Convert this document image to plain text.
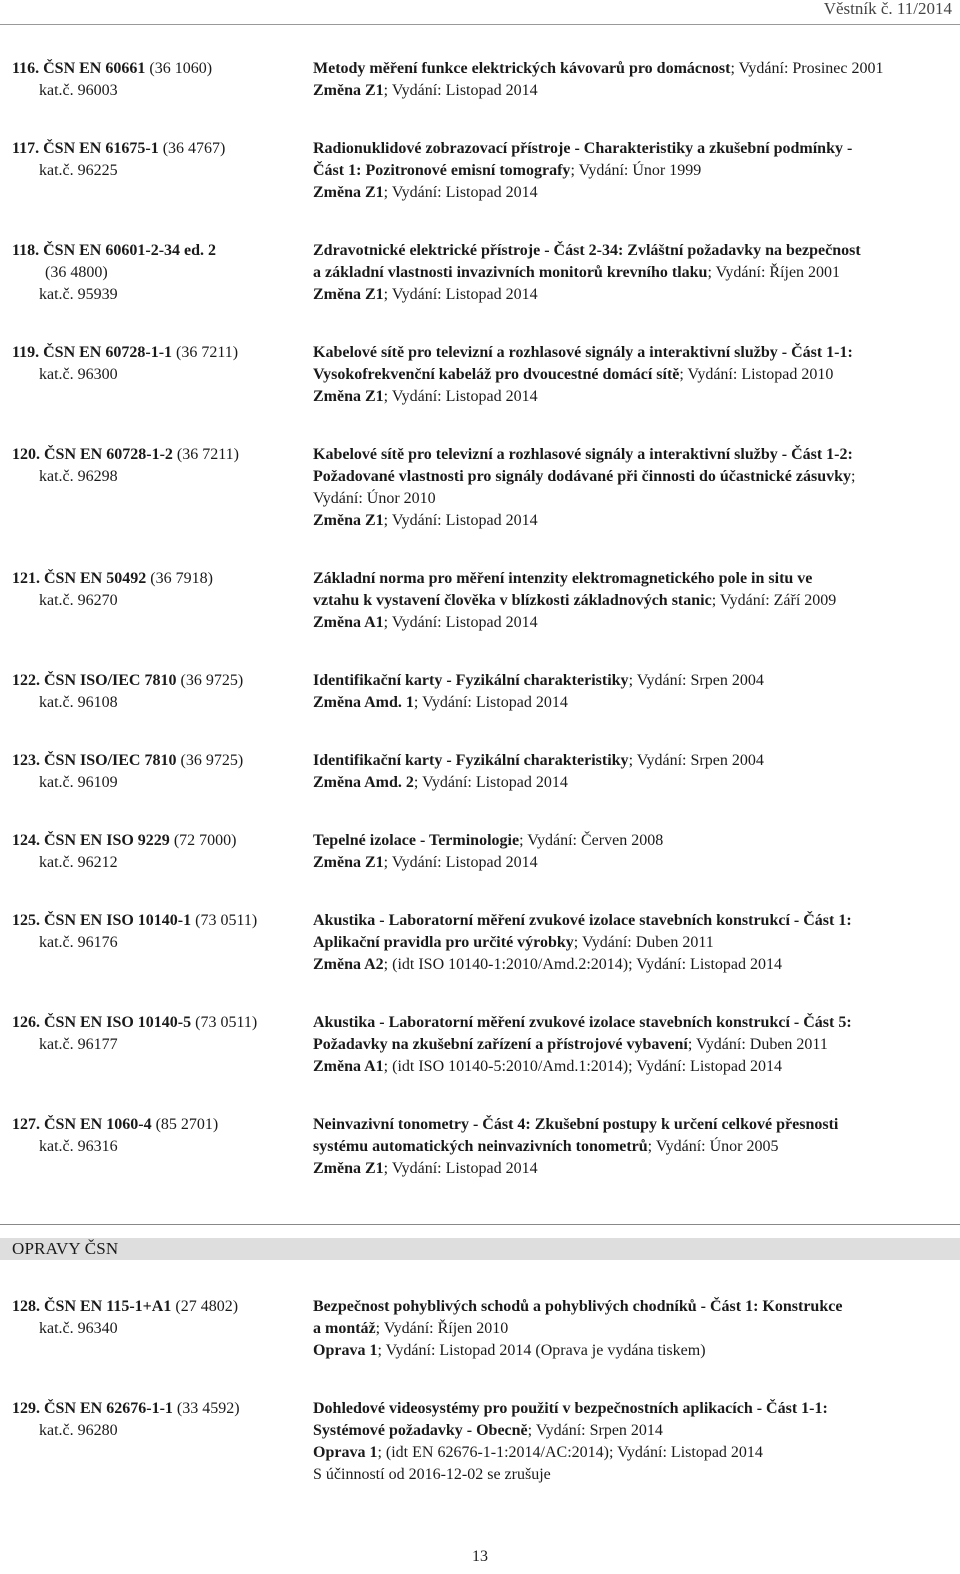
Věstník č. 11/2014
116. ČSN EN 60661 (36 1060)
kat.č. 96003
Metody měření funkce elektrických kávovarů pro domácnost; Vydání: Prosinec 2001
Změna Z1; Vydání: Listopad 2014
117. ČSN EN 61675-1 (36 4767)
kat.č. 96225
Radionuklidové zobrazovací přístroje - Charakteristiky a zkušební podmínky -
Část 1: Pozitronové emisní tomografy; Vydání: Únor 1999
Změna Z1; Vydání: Listopad 2014
118. ČSN EN 60601-2-34 ed. 2
(36 4800)
kat.č. 95939
Zdravotnické elektrické přístroje - Část 2-34: Zvláštní požadavky na bezpečnost
a základní vlastnosti invazivních monitorů krevního tlaku; Vydání: Říjen 2001
Změna Z1; Vydání: Listopad 2014
119. ČSN EN 60728-1-1 (36 7211)
kat.č. 96300
Kabelové sítě pro televizní a rozhlasové signály a interaktivní služby - Část 1-1:
Vysokofrekvenční kabeláž pro dvoucestné domácí sítě; Vydání: Listopad 2010
Změna Z1; Vydání: Listopad 2014
120. ČSN EN 60728-1-2 (36 7211)
kat.č. 96298
Kabelové sítě pro televizní a rozhlasové signály a interaktivní služby - Část 1-2:
Požadované vlastnosti pro signály dodávané při činnosti do účastnické zásuvky;
Vydání: Únor 2010
Změna Z1; Vydání: Listopad 2014
121. ČSN EN 50492 (36 7918)
kat.č. 96270
Základní norma pro měření intenzity elektromagnetického pole in situ ve
vztahu k vystavení člověka v blízkosti základnových stanic; Vydání: Září 2009
Změna A1; Vydání: Listopad 2014
122. ČSN ISO/IEC 7810 (36 9725)
kat.č. 96108
Identifikační karty - Fyzikální charakteristiky; Vydání: Srpen 2004
Změna Amd. 1; Vydání: Listopad 2014
123. ČSN ISO/IEC 7810 (36 9725)
kat.č. 96109
Identifikační karty - Fyzikální charakteristiky; Vydání: Srpen 2004
Změna Amd. 2; Vydání: Listopad 2014
124. ČSN EN ISO 9229 (72 7000)
kat.č. 96212
Tepelné izolace - Terminologie; Vydání: Červen 2008
Změna Z1; Vydání: Listopad 2014
125. ČSN EN ISO 10140-1 (73 0511)
kat.č. 96176
Akustika - Laboratorní měření zvukové izolace stavebních konstrukcí - Část 1:
Aplikační pravidla pro určité výrobky; Vydání: Duben 2011
Změna A2; (idt ISO 10140-1:2010/Amd.2:2014); Vydání: Listopad 2014
126. ČSN EN ISO 10140-5 (73 0511)
kat.č. 96177
Akustika - Laboratorní měření zvukové izolace stavebních konstrukcí - Část 5:
Požadavky na zkušební zařízení a přístrojové vybavení; Vydání: Duben 2011
Změna A1; (idt ISO 10140-5:2010/Amd.1:2014); Vydání: Listopad 2014
127. ČSN EN 1060-4 (85 2701)
kat.č. 96316
Neinvazivní tonometry - Část 4: Zkušební postupy k určení celkové přesnosti
systému automatických neinvazivních tonometrů; Vydání: Únor 2005
Změna Z1; Vydání: Listopad 2014
OPRAVY ČSN
128. ČSN EN 115-1+A1 (27 4802)
kat.č. 96340
Bezpečnost pohyblivých schodů a pohyblivých chodníků - Část 1: Konstrukce
a montáž; Vydání: Říjen 2010
Oprava 1; Vydání: Listopad 2014 (Oprava je vydána tiskem)
129. ČSN EN 62676-1-1 (33 4592)
kat.č. 96280
Dohledové videosystémy pro použití v bezpečnostních aplikacích - Část 1-1:
Systémové požadavky - Obecně; Vydání: Srpen 2014
Oprava 1; (idt EN 62676-1-1:2014/AC:2014); Vydání: Listopad 2014
S účinností od 2016-12-02 se zrušuje
13
